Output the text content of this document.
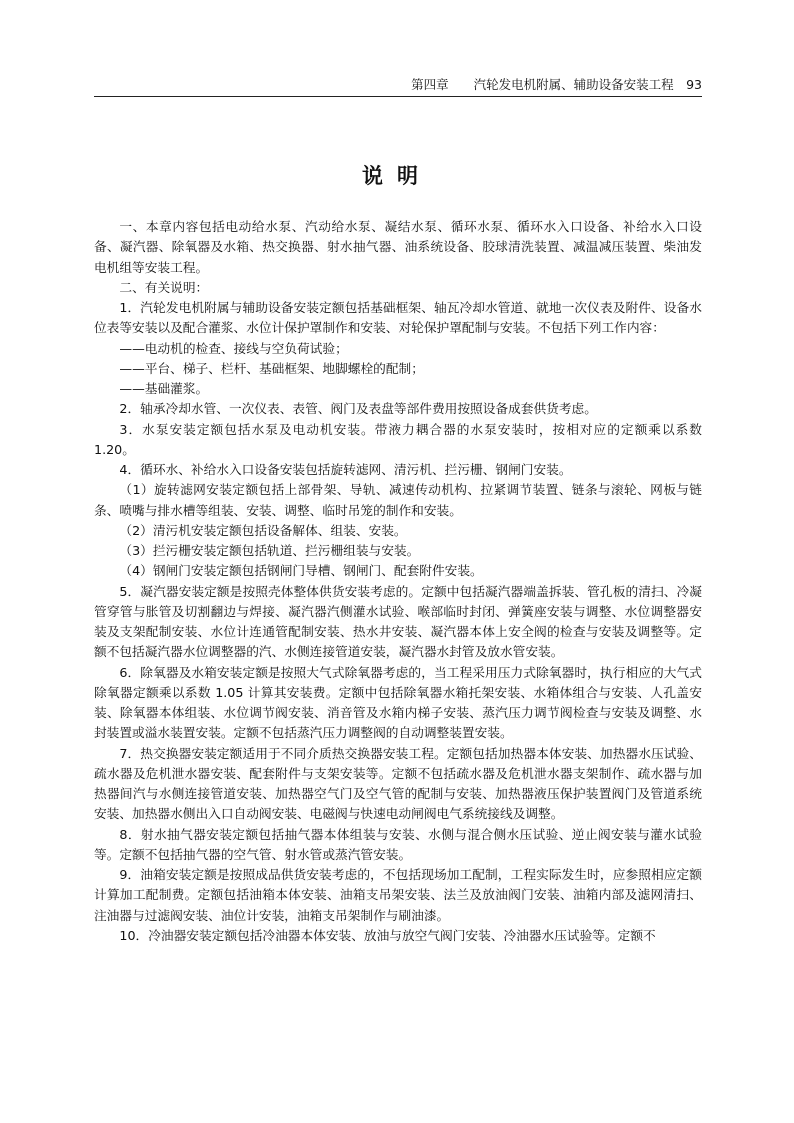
第四章 汽轮发电机附属、辅助设备安装工程 93
说明

一、本章内容包括电动给水泵、汽动给水泵、凝结水泵、循环水泵、循环水入口设备、补给水入口设备、凝汽器、除氧器及水箱、热交换器、射水抽气器、油系统设备、胶球清洗装置、减温减压装置、柴油发电机组等安装工程。

二、有关说明：

1．汽轮发电机附属与辅助设备安装定额包括基础框架、轴瓦冷却水管道、就地一次仪表及附件、设备水位表等安装以及配合灌浆、水位计保护罩制作和安装、对轮保护罩配制与安装。不包括下列工作内容：

——电动机的检查、接线与空负荷试验；

——平台、梯子、栏杆、基础框架、地脚螺栓的配制；

——基础灌浆。

2．轴承冷却水管、一次仪表、表管、阀门及表盘等部件费用按照设备成套供货考虑。

3．水泵安装定额包括水泵及电动机安装。带液力耦合器的水泵安装时，按相对应的定额乘以系数 1.20。

4．循环水、补给水入口设备安装包括旋转滤网、清污机、拦污栅、钢闸门安装。

（1）旋转滤网安装定额包括上部骨架、导轨、减速传动机构、拉紧调节装置、链条与滚轮、网板与链条、喷嘴与排水槽等组装、安装、调整、临时吊笼的制作和安装。

（2）清污机安装定额包括设备解体、组装、安装。

（3）拦污栅安装定额包括轨道、拦污栅组装与安装。

（4）钢闸门安装定额包括钢闸门导槽、钢闸门、配套附件安装。

5．凝汽器安装定额是按照壳体整体供货安装考虑的。定额中包括凝汽器端盖拆装、管孔板的清扫、冷凝管穿管与胀管及切割翻边与焊接、凝汽器汽侧灌水试验、喉部临时封闭、弹簧座安装与调整、水位调整器安装及支架配制安装、水位计连通管配制安装、热水井安装、凝汽器本体上安全阀的检查与安装及调整等。定额不包括凝汽器水位调整器的汽、水侧连接管道安装，凝汽器水封管及放水管安装。

6．除氧器及水箱安装定额是按照大气式除氧器考虑的，当工程采用压力式除氧器时，执行相应的大气式除氧器定额乘以系数 1.05 计算其安装费。定额中包括除氧器水箱托架安装、水箱体组合与安装、人孔盖安装、除氧器本体组装、水位调节阀安装、消音管及水箱内梯子安装、蒸汽压力调节阀检查与安装及调整、水封装置或溢水装置安装。定额不包括蒸汽压力调整阀的自动调整装置安装。

7．热交换器安装定额适用于不同介质热交换器安装工程。定额包括加热器本体安装、加热器水压试验、疏水器及危机泄水器安装、配套附件与支架安装等。定额不包括疏水器及危机泄水器支架制作、疏水器与加热器间汽与水侧连接管道安装、加热器空气门及空气管的配制与安装、加热器液压保护装置阀门及管道系统安装、加热器水侧出入口自动阀安装、电磁阀与快速电动闸阀电气系统接线及调整。

8．射水抽气器安装定额包括抽气器本体组装与安装、水侧与混合侧水压试验、逆止阀安装与灌水试验等。定额不包括抽气器的空气管、射水管或蒸汽管安装。

9．油箱安装定额是按照成品供货安装考虑的，不包括现场加工配制，工程实际发生时，应参照相应定额计算加工配制费。定额包括油箱本体安装、油箱支吊架安装、法兰及放油阀门安装、油箱内部及滤网清扫、注油器与过滤阀安装、油位计安装，油箱支吊架制作与刷油漆。

10．冷油器安装定额包括冷油器本体安装、放油与放空气阀门安装、冷油器水压试验等。定额不
